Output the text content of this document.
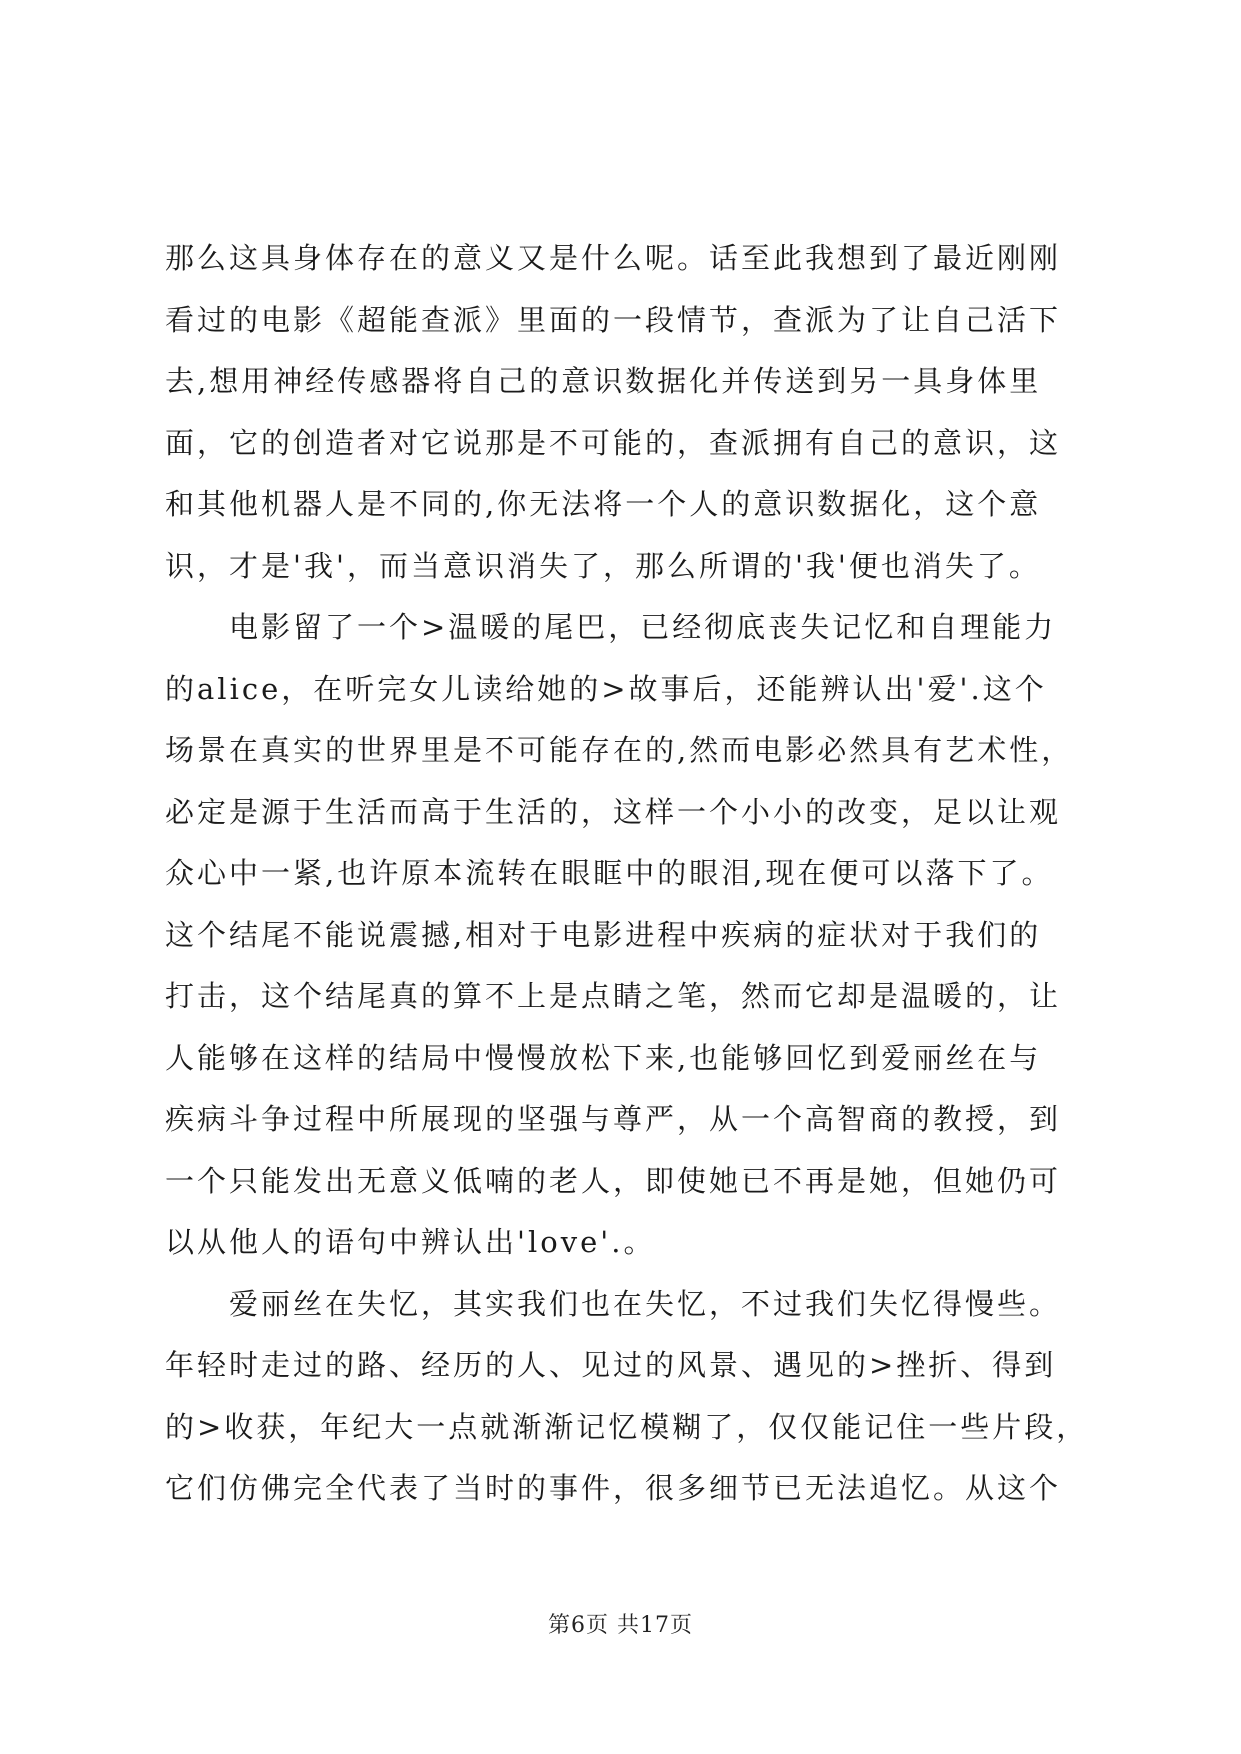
那么这具身体存在的意义又是什么呢。话至此我想到了最近刚刚
看过的电影《超能查派》里面的一段情节，查派为了让自己活下
去,想用神经传感器将自己的意识数据化并传送到另一具身体里
面，它的创造者对它说那是不可能的，查派拥有自己的意识，这
和其他机器人是不同的,你无法将一个人的意识数据化，这个意
识，才是'我'，而当意识消失了，那么所谓的'我'便也消失了。
电影留了一个>温暖的尾巴，已经彻底丧失记忆和自理能力
的alice，在听完女儿读给她的>故事后，还能辨认出'爱'.这个
场景在真实的世界里是不可能存在的,然而电影必然具有艺术性，
必定是源于生活而高于生活的，这样一个小小的改变，足以让观
众心中一紧,也许原本流转在眼眶中的眼泪,现在便可以落下了。
这个结尾不能说震撼,相对于电影进程中疾病的症状对于我们的
打击，这个结尾真的算不上是点睛之笔，然而它却是温暖的，让
人能够在这样的结局中慢慢放松下来,也能够回忆到爱丽丝在与
疾病斗争过程中所展现的坚强与尊严，从一个高智商的教授，到
一个只能发出无意义低喃的老人，即使她已不再是她，但她仍可
以从他人的语句中辨认出'love'.。
爱丽丝在失忆，其实我们也在失忆，不过我们失忆得慢些。
年轻时走过的路、经历的人、见过的风景、遇见的>挫折、得到
的>收获，年纪大一点就渐渐记忆模糊了，仅仅能记住一些片段，
它们仿佛完全代表了当时的事件，很多细节已无法追忆。从这个
第6页 共17页
